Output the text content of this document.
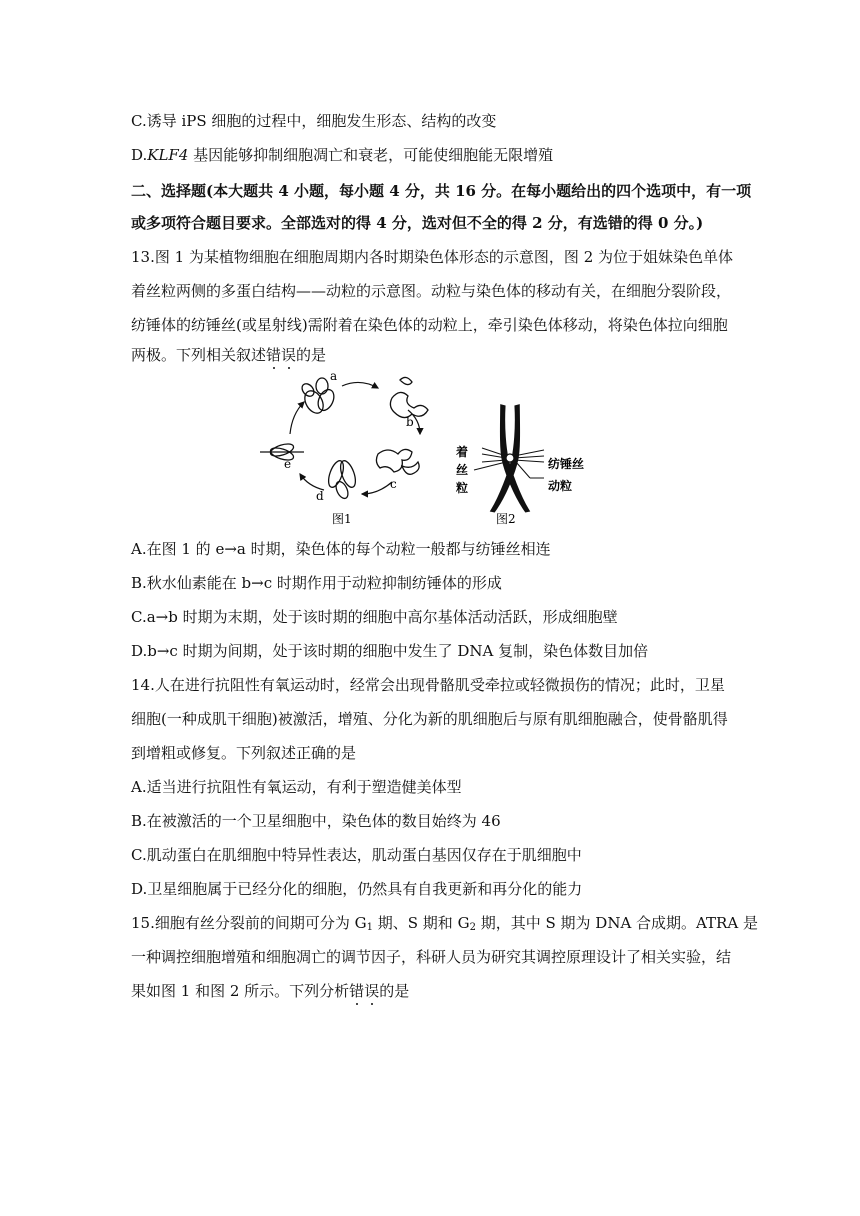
C.诱导 iPS 细胞的过程中，细胞发生形态、结构的改变
D.KLF4 基因能够抑制细胞凋亡和衰老，可能使细胞能无限增殖
二、选择题(本大题共 4 小题，每小题 4 分，共 16 分。在每小题给出的四个选项中，有一项
或多项符合题目要求。全部选对的得 4 分，选对但不全的得 2 分，有选错的得 0 分。)
13.图 1 为某植物细胞在细胞周期内各时期染色体形态的示意图，图 2 为位于姐妹染色单体
着丝粒两侧的多蛋白结构——动粒的示意图。动粒与染色体的移动有关，在细胞分裂阶段，
纺锤体的纺锤丝(或星射线)需附着在染色体的动粒上，牵引染色体移动，将染色体拉向细胞
两极。下列相关叙述错误的是
a
b
c
d
e
图1
着
丝
粒
纺锤丝
动粒
图2
A.在图 1 的 e→a 时期，染色体的每个动粒一般都与纺锤丝相连
B.秋水仙素能在 b→c 时期作用于动粒抑制纺锤体的形成
C.a→b 时期为末期，处于该时期的细胞中高尔基体活动活跃，形成细胞壁
D.b→c 时期为间期，处于该时期的细胞中发生了 DNA 复制，染色体数目加倍
14.人在进行抗阻性有氧运动时，经常会出现骨骼肌受牵拉或轻微损伤的情况；此时，卫星
细胞(一种成肌干细胞)被激活，增殖、分化为新的肌细胞后与原有肌细胞融合，使骨骼肌得
到增粗或修复。下列叙述正确的是
A.适当进行抗阻性有氧运动，有利于塑造健美体型
B.在被激活的一个卫星细胞中，染色体的数目始终为 46
C.肌动蛋白在肌细胞中特异性表达，肌动蛋白基因仅存在于肌细胞中
D.卫星细胞属于已经分化的细胞，仍然具有自我更新和再分化的能力
15.细胞有丝分裂前的间期可分为 $G_1$ 期、S 期和 $G_2$ 期，其中 S 期为 DNA 合成期。ATRA 是
一种调控细胞增殖和细胞凋亡的调节因子，科研人员为研究其调控原理设计了相关实验，结
果如图 1 和图 2 所示。下列分析错误的是
